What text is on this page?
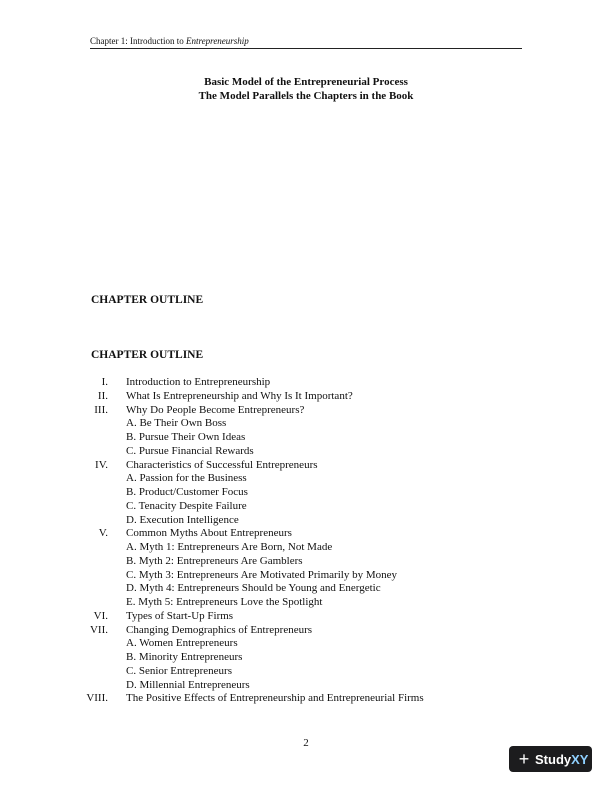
Chapter 1: Introduction to Entrepreneurship
Basic Model of the Entrepreneurial Process
The Model Parallels the Chapters in the Book
CHAPTER OUTLINE
CHAPTER OUTLINE
I. Introduction to Entrepreneurship
II. What Is Entrepreneurship and Why Is It Important?
III. Why Do People Become Entrepreneurs?
A. Be Their Own Boss
B. Pursue Their Own Ideas
C. Pursue Financial Rewards
IV. Characteristics of Successful Entrepreneurs
A. Passion for the Business
B. Product/Customer Focus
C. Tenacity Despite Failure
D. Execution Intelligence
V. Common Myths About Entrepreneurs
A. Myth 1: Entrepreneurs Are Born, Not Made
B. Myth 2: Entrepreneurs Are Gamblers
C. Myth 3: Entrepreneurs Are Motivated Primarily by Money
D. Myth 4: Entrepreneurs Should be Young and Energetic
E. Myth 5: Entrepreneurs Love the Spotlight
VI. Types of Start-Up Firms
VII. Changing Demographics of Entrepreneurs
A. Women Entrepreneurs
B. Minority Entrepreneurs
C. Senior Entrepreneurs
D. Millennial Entrepreneurs
VIII. The Positive Effects of Entrepreneurship and Entrepreneurial Firms
2
+ Study XY
